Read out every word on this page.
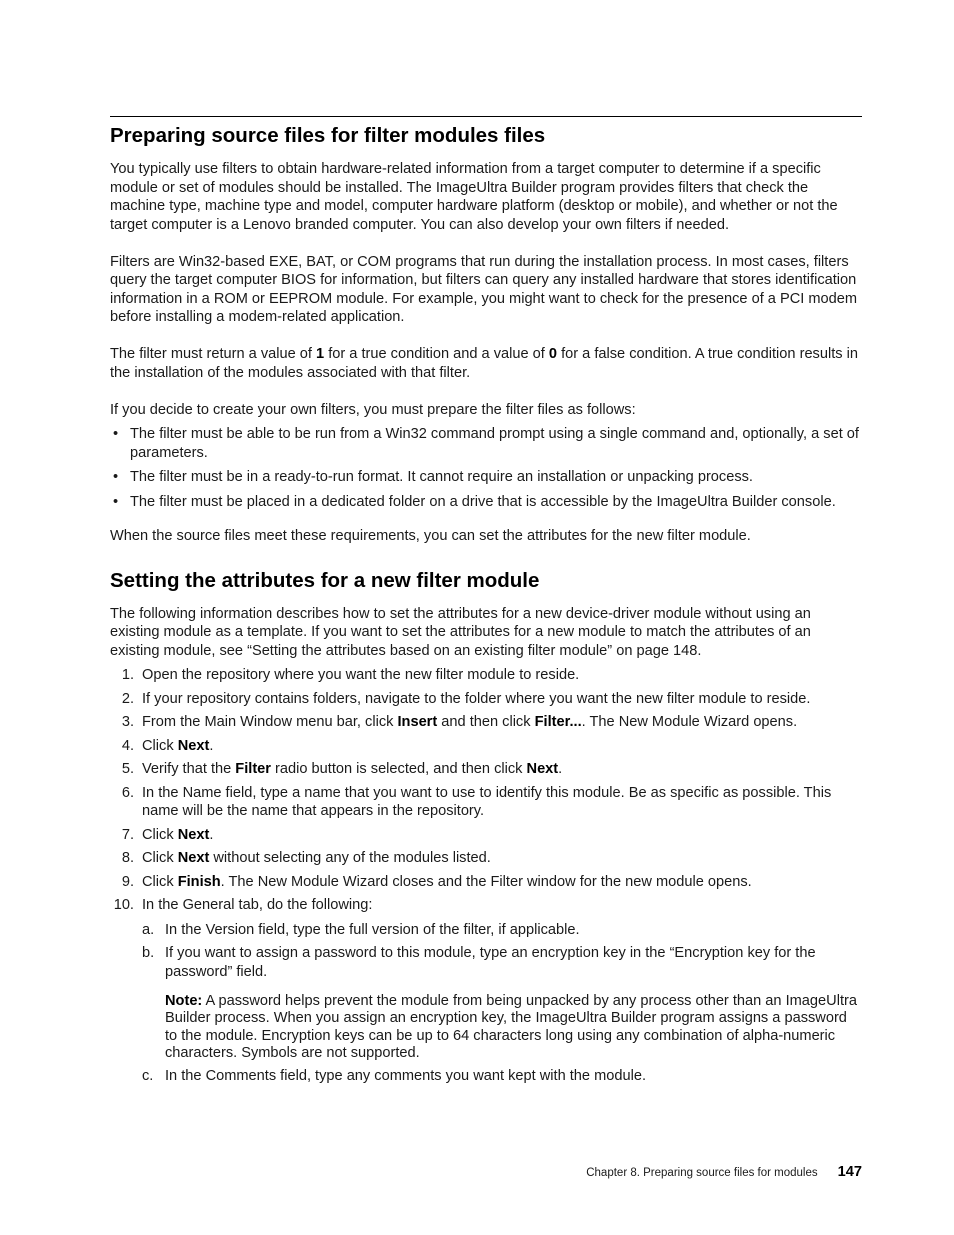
Preparing source files for filter modules files

You typically use filters to obtain hardware-related information from a target computer to determine if a specific module or set of modules should be installed. The ImageUltra Builder program provides filters that check the machine type, machine type and model, computer hardware platform (desktop or mobile), and whether or not the target computer is a Lenovo branded computer. You can also develop your own filters if needed.

Filters are Win32-based EXE, BAT, or COM programs that run during the installation process. In most cases, filters query the target computer BIOS for information, but filters can query any installed hardware that stores identification information in a ROM or EEPROM module. For example, you might want to check for the presence of a PCI modem before installing a modem-related application.

The filter must return a value of 1 for a true condition and a value of 0 for a false condition. A true condition results in the installation of the modules associated with that filter.

If you decide to create your own filters, you must prepare the filter files as follows:

• The filter must be able to be run from a Win32 command prompt using a single command and, optionally, a set of parameters.
• The filter must be in a ready-to-run format. It cannot require an installation or unpacking process.
• The filter must be placed in a dedicated folder on a drive that is accessible by the ImageUltra Builder console.

When the source files meet these requirements, you can set the attributes for the new filter module.

Setting the attributes for a new filter module

The following information describes how to set the attributes for a new device-driver module without using an existing module as a template. If you want to set the attributes for a new module to match the attributes of an existing module, see “Setting the attributes based on an existing filter module” on page 148.

1. Open the repository where you want the new filter module to reside.
2. If your repository contains folders, navigate to the folder where you want the new filter module to reside.
3. From the Main Window menu bar, click Insert and then click Filter.... The New Module Wizard opens.
4. Click Next.
5. Verify that the Filter radio button is selected, and then click Next.
6. In the Name field, type a name that you want to use to identify this module. Be as specific as possible. This name will be the name that appears in the repository.
7. Click Next.
8. Click Next without selecting any of the modules listed.
9. Click Finish. The New Module Wizard closes and the Filter window for the new module opens.
10. In the General tab, do the following:
a. In the Version field, type the full version of the filter, if applicable.
b. If you want to assign a password to this module, type an encryption key in the “Encryption key for the password” field.
Note: A password helps prevent the module from being unpacked by any process other than an ImageUltra Builder process. When you assign an encryption key, the ImageUltra Builder program assigns a password to the module. Encryption keys can be up to 64 characters long using any combination of alpha-numeric characters. Symbols are not supported.
c. In the Comments field, type any comments you want kept with the module.
Chapter 8. Preparing source files for modules 147
